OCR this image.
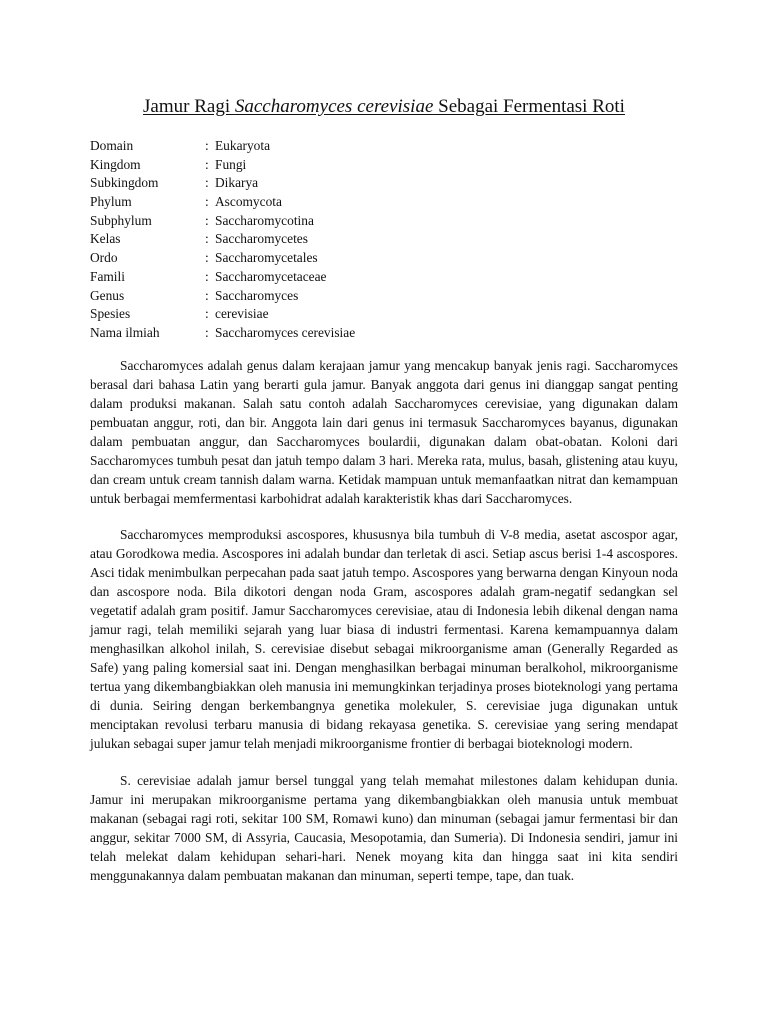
Jamur Ragi Saccharomyces cerevisiae Sebagai Fermentasi Roti
Domain	: Eukaryota
Kingdom	: Fungi
Subkingdom	: Dikarya
Phylum	: Ascomycota
Subphylum	: Saccharomycotina
Kelas	: Saccharomycetes
Ordo	: Saccharomycetales
Famili	: Saccharomycetaceae
Genus	: Saccharomyces
Spesies	: cerevisiae
Nama ilmiah	: Saccharomyces cerevisiae

Saccharomyces adalah genus dalam kerajaan jamur yang mencakup banyak jenis ragi. Saccharomyces berasal dari bahasa Latin yang berarti gula jamur. Banyak anggota dari genus ini dianggap sangat penting dalam produksi makanan. Salah satu contoh adalah Saccharomyces cerevisiae, yang digunakan dalam pembuatan anggur, roti, dan bir. Anggota lain dari genus ini termasuk Saccharomyces bayanus, digunakan dalam pembuatan anggur, dan Saccharomyces boulardii, digunakan dalam obat-obatan. Koloni dari Saccharomyces tumbuh pesat dan jatuh tempo dalam 3 hari. Mereka rata, mulus, basah, glistening atau kuyu, dan cream untuk cream tannish dalam warna. Ketidak mampuan untuk memanfaatkan nitrat dan kemampuan untuk berbagai memfermentasi karbohidrat adalah karakteristik khas dari Saccharomyces.

Saccharomyces memproduksi ascospores, khususnya bila tumbuh di V-8 media, asetat ascospor agar, atau Gorodkowa media. Ascospores ini adalah bundar dan terletak di asci. Setiap ascus berisi 1-4 ascospores. Asci tidak menimbulkan perpecahan pada saat jatuh tempo. Ascospores yang berwarna dengan Kinyoun noda dan ascospore noda. Bila dikotori dengan noda Gram, ascospores adalah gram-negatif sedangkan sel vegetatif adalah gram positif. Jamur Saccharomyces cerevisiae, atau di Indonesia lebih dikenal dengan nama jamur ragi, telah memiliki sejarah yang luar biasa di industri fermentasi. Karena kemampuannya dalam menghasilkan alkohol inilah, S. cerevisiae disebut sebagai mikroorganisme aman (Generally Regarded as Safe) yang paling komersial saat ini. Dengan menghasilkan berbagai minuman beralkohol, mikroorganisme tertua yang dikembangbiakkan oleh manusia ini memungkinkan terjadinya proses bioteknologi yang pertama di dunia. Seiring dengan berkembangnya genetika molekuler, S. cerevisiae juga digunakan untuk menciptakan revolusi terbaru manusia di bidang rekayasa genetika. S. cerevisiae yang sering mendapat julukan sebagai super jamur telah menjadi mikroorganisme frontier di berbagai bioteknologi modern.

S. cerevisiae adalah jamur bersel tunggal yang telah memahat milestones dalam kehidupan dunia. Jamur ini merupakan mikroorganisme pertama yang dikembangbiakkan oleh manusia untuk membuat makanan (sebagai ragi roti, sekitar 100 SM, Romawi kuno) dan minuman (sebagai jamur fermentasi bir dan anggur, sekitar 7000 SM, di Assyria, Caucasia, Mesopotamia, dan Sumeria). Di Indonesia sendiri, jamur ini telah melekat dalam kehidupan sehari-hari. Nenek moyang kita dan hingga saat ini kita sendiri menggunakannya dalam pembuatan makanan dan minuman, seperti tempe, tape, dan tuak.
